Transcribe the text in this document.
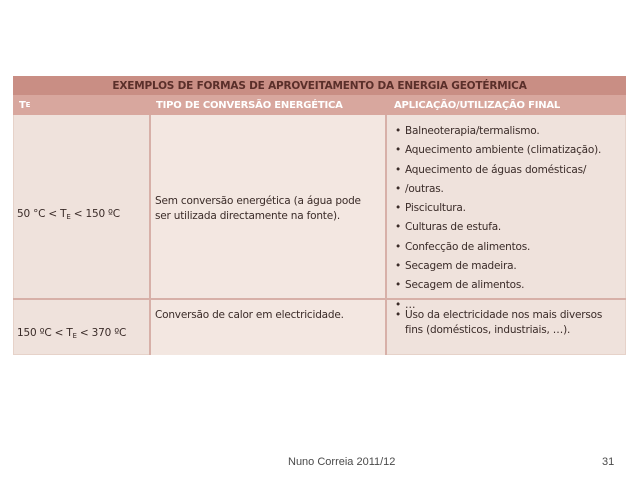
EXEMPLOS DE FORMAS DE APROVEITAMENTO DA ENERGIA GEOTÉRMICA
T E	TIPO DE CONVERSÃO ENERGÉTICA	APLICAÇÃO/UTILIZAÇÃO FINAL
50 $^\circ C < T_E < 150$ ºC
Sem conversão energética (a água pode
ser utilizada directamente na fonte).
• Balneoterapia/termalismo.
• Aquecimento ambiente (climatização).
• Aquecimento de águas domésticas/
• /outras.
• Piscicultura.
• Culturas de estufa.
• Confecção de alimentos.
• Secagem de madeira.
• Secagem de alimentos.
• …
150 ºC < $T_E < 370$ ºC
Conversão de calor em electricidade.
•	Uso da electricidade nos mais diversos
fins (domésticos, industriais, …).
Nuno Correia 2011/12	31
